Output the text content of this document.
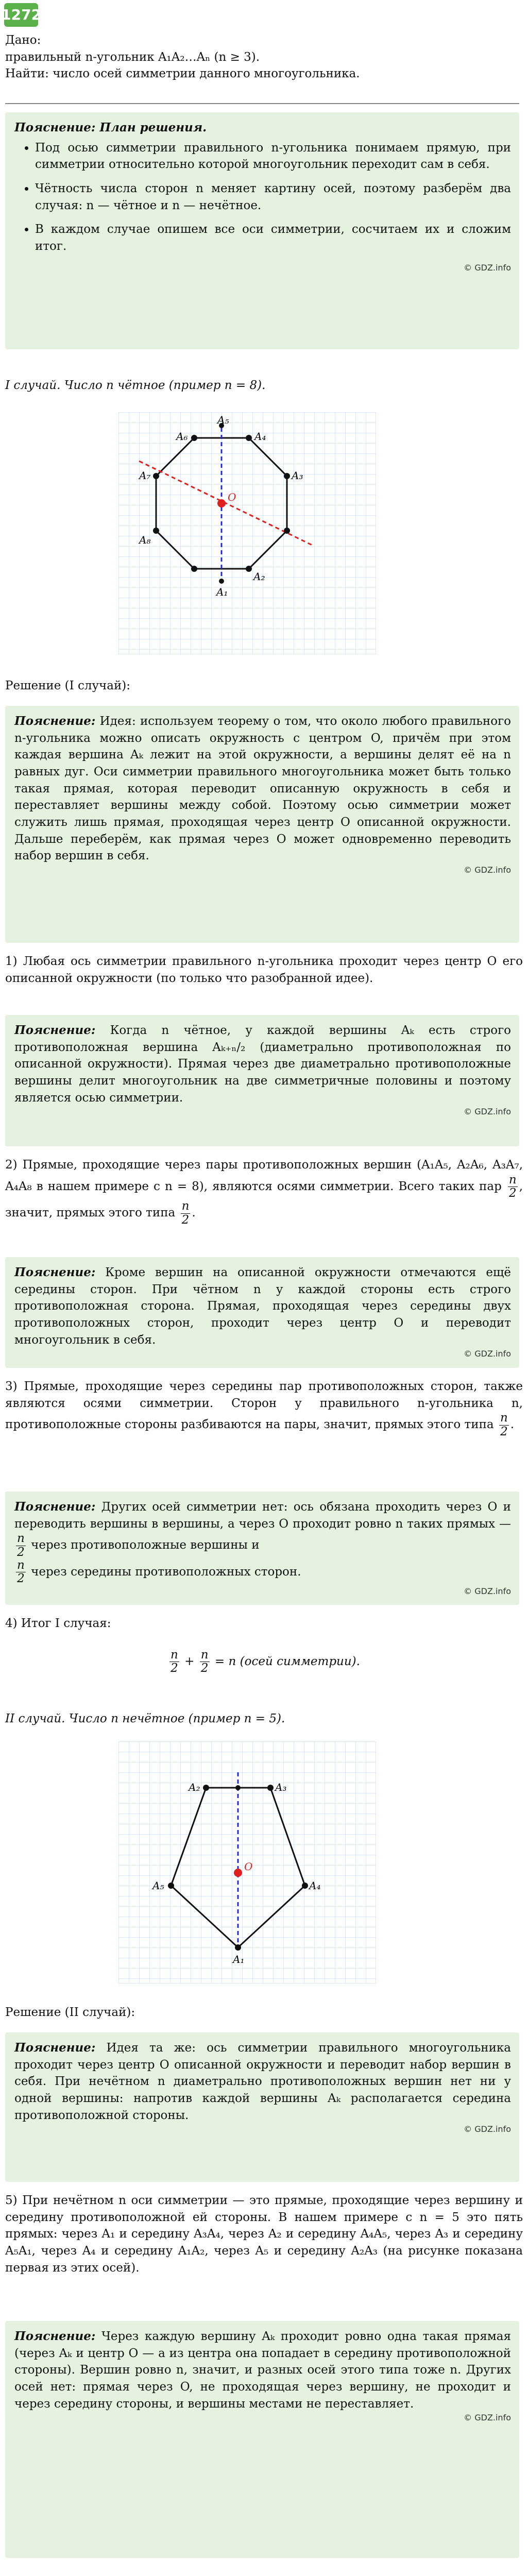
1272

Дано:

правильный n-угольник A₁A₂…Aₙ (n ≥ 3).

Найти: число осей симметрии данного многоугольника.

Пояснение: План решения.
• Под осью симметрии правильного n-угольника понимаем прямую, при симметрии относительно которой многоугольник переходит сам в себя.
• Чётность числа сторон n меняет картину осей, поэтому разберём два случая: n — чётное и n — нечётное.
• В каждом случае опишем все оси симметрии, сосчитаем их и сложим итог.
© GDZ.info

I случай. Число n чётное (пример n = 8).

A₆
A₅
A₇
A₈
A₁
A₄
A₃
A₂
O

Решение (I случай):

Пояснение: Идея: используем теорему о том, что около любого правильного n-угольника можно описать окружность с центром O, причём при этом каждая вершина Aₖ лежит на этой окружности, а вершины делят её на n равных дуг. Оси симметрии правильного многоугольника может быть только такая прямая, которая переводит описанную окружность в себя и переставляет вершины между собой. Поэтому осью симметрии может служить лишь прямая, проходящая через центр O описанной окружности. Дальше переберём, как прямая через O может одновременно переводить набор вершин в себя.

© GDZ.info

1) Любая ось симметрии правильного n-угольника проходит через центр O его описанной окружности (по только что разобранной идее).

Пояснение: Когда n чётное, у каждой вершины Aₖ есть строго противоположная вершина Aₖ₊ₙ/₂ (диаметрально противоположная по описанной окружности). Прямая через две диаметрально противоположные вершины делит многоугольник на две симметричные половины и поэтому является осью симметрии.

© GDZ.info

2) Прямые, проходящие через пары противоположных вершин (A₁A₅, A₂A₆, A₃A₇, A₄A₈ в нашем примере с n = 8), являются осями симметрии. Всего таких пар $\frac{n}{2}$ , значит, прямых этого типа $\frac{n}{2}$ .

Пояснение: Кроме вершин на описанной окружности отмечаются ещё середины сторон. При чётном n у каждой стороны есть строго противоположная сторона. Прямая, проходящая через середины двух противоположных сторон, проходит через центр O и переводит многоугольник в себя.

© GDZ.info

3) Прямые, проходящие через середины пар противоположных сторон, также являются осями симметрии. Сторон у правильного n-угольника n, противоположные стороны разбиваются на пары, значит, прямых этого типа $\frac{n}{2}$ .

Пояснение: Других осей симметрии нет: ось обязана проходить через O и переводить вершины в вершины, а через O проходит ровно n таких прямых —
$\frac{n}{2}$ через противоположные вершины и

$\frac{n}{2}$ через середины противоположных сторон.

© GDZ.info

4) Итог I случая:

$\frac{n}{2} + \frac{n}{2} = n$ (осей симметрии).

II случай. Число n нечётное (пример n = 5).

A₂	A₃
A₁
A₄
A₅
O

Решение (II случай):

Пояснение: Идея та же: ось симметрии правильного многоугольника проходит через центр O описанной окружности и переводит набор вершин в себя. При нечётном n диаметрально противоположных вершин нет ни у одной вершины: напротив каждой вершины Aₖ располагается середина противоположной стороны.

© GDZ.info

5) При нечётном n оси симметрии — это прямые, проходящие через вершину и середину противоположной ей стороны. В нашем примере с n = 5 это пять прямых: через A₁ и середину A₃A₄, через A₂ и середину A₄A₅, через A₃ и середину A₅A₁, через A₄ и середину A₁A₂, через A₅ и середину A₂A₃ (на рисунке показана первая из этих осей).

Пояснение: Через каждую вершину Aₖ проходит ровно одна такая прямая (через Aₖ и центр O — а из центра она попадает в середину противоположной стороны). Вершин ровно n, значит, и разных осей этого типа тоже n. Других осей нет: прямая через O, не проходящая через вершину, не проходит и через середину стороны, и вершины местами не переставляет.

© GDZ.info
